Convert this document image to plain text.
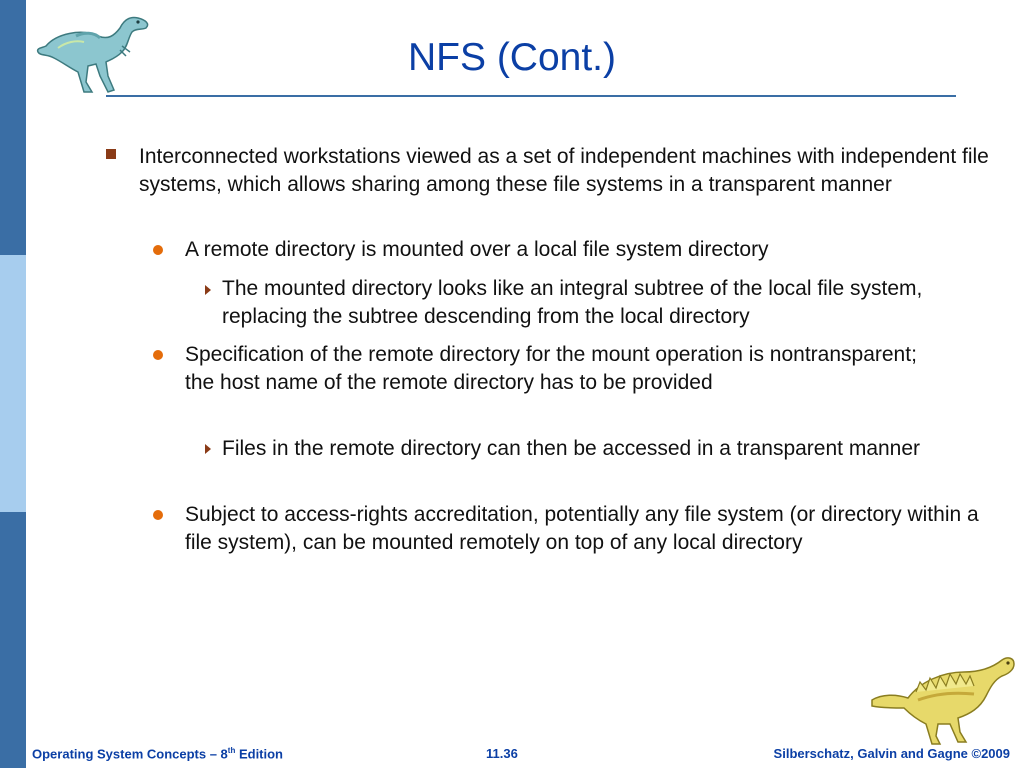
NFS (Cont.)
Interconnected workstations viewed as a set of independent machines with independent file systems, which allows sharing among these file systems in a transparent manner
A remote directory is mounted over a local file system directory
The mounted directory looks like an integral subtree of the local file system, replacing the subtree descending from the local directory
Specification of the remote directory for the mount operation is nontransparent; the host name of the remote directory has to be provided
Files in the remote directory can then be accessed in a transparent manner
Subject to access-rights accreditation, potentially any file system (or directory within a file system), can be mounted remotely on top of any local directory
Operating System Concepts – 8th Edition	11.36	Silberschatz, Galvin and Gagne ©2009
